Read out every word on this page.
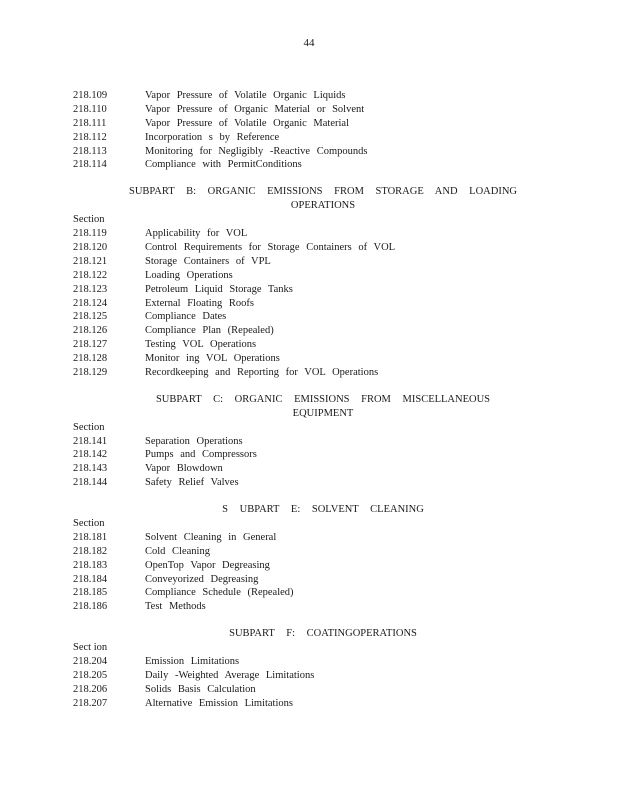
44
218.109	Vapor Pressure of Volatile Organic Liquids
218.110	Vapor Pressure of Organic Material or Solvent
218.111	Vapor Pressure of Volatile Organic Material
218.112	Incorporation s by Reference
218.113	Monitoring for Negligibly -Reactive Compounds
218.114	Compliance with PermitConditions
SUBPART B: ORGANIC EMISSIONS FROM STORAGE AND LOADING
OPERATIONS
Section
218.119	Applicability for VOL
218.120	Control Requirements for Storage Containers of VOL
218.121	Storage Containers of VPL
218.122	Loading Operations
218.123	Petroleum Liquid Storage Tanks
218.124	External Floating Roofs
218.125	Compliance Dates
218.126	Compliance Plan (Repealed)
218.127	Testing VOL Operations
218.128	Monitor ing VOL Operations
218.129	Recordkeeping and Reporting for VOL Operations
SUBPART C: ORGANIC EMISSIONS FROM MISCELLANEOUS
EQUIPMENT
Section
218.141	Separation Operations
218.142	Pumps and Compressors
218.143	Vapor Blowdown
218.144	Safety Relief Valves
S UBPART E: SOLVENT CLEANING
Section
218.181	Solvent Cleaning in General
218.182	Cold Cleaning
218.183	OpenTop Vapor Degreasing
218.184	Conveyorized Degreasing
218.185	Compliance Schedule (Repealed)
218.186	Test Methods
SUBPART F: COATINGOPERATIONS
Sect ion
218.204	Emission Limitations
218.205	Daily -Weighted Average Limitations
218.206	Solids Basis Calculation
218.207	Alternative Emission Limitations
